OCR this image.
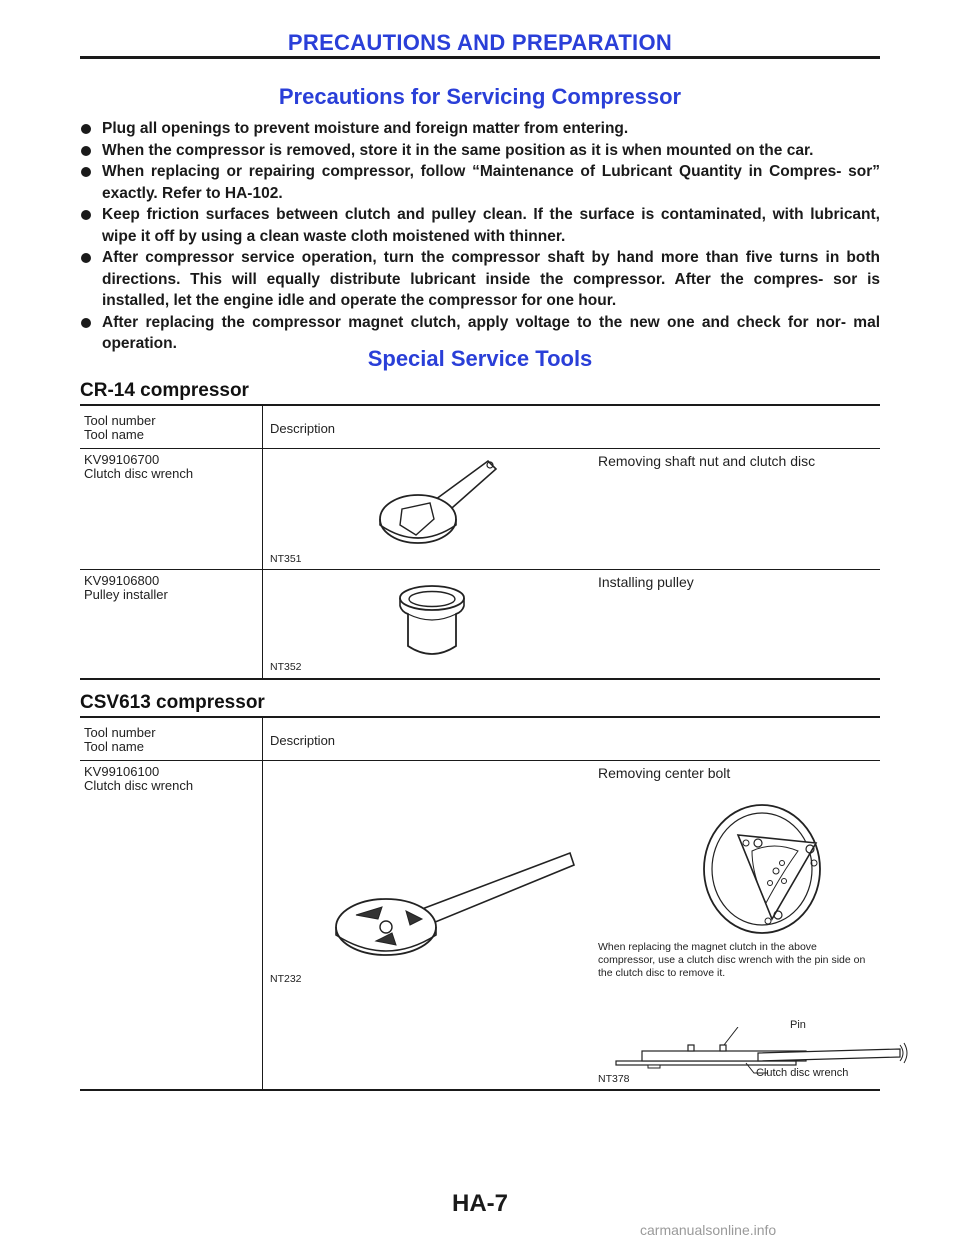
PRECAUTIONS AND PREPARATION
Precautions for Servicing Compressor
Plug all openings to prevent moisture and foreign matter from entering.
When the compressor is removed, store it in the same position as it is when mounted on the car.
When replacing or repairing compressor, follow “Maintenance of Lubricant Quantity in Compres- sor” exactly. Refer to HA-102.
Keep friction surfaces between clutch and pulley clean. If the surface is contaminated, with lubricant, wipe it off by using a clean waste cloth moistened with thinner.
After compressor service operation, turn the compressor shaft by hand more than five turns in both directions. This will equally distribute lubricant inside the compressor. After the compres- sor is installed, let the engine idle and operate the compressor for one hour.
After replacing the compressor magnet clutch, apply voltage to the new one and check for nor- mal operation.
Special Service Tools
CR-14 compressor
Tool number
Tool name	Description
KV99106700
Clutch disc wrench
NT351
Removing shaft nut and clutch disc
KV99106800
Pulley installer
NT352
Installing pulley
CSV613 compressor
Tool number
Tool name	Description
KV99106100
Clutch disc wrench
NT232
Removing center bolt
When replacing the magnet clutch in the above compressor, use a clutch disc wrench with the pin side on the clutch disc to remove it.
Pin
Clutch disc wrench
NT378
HA-7
carmanualsonline.info
